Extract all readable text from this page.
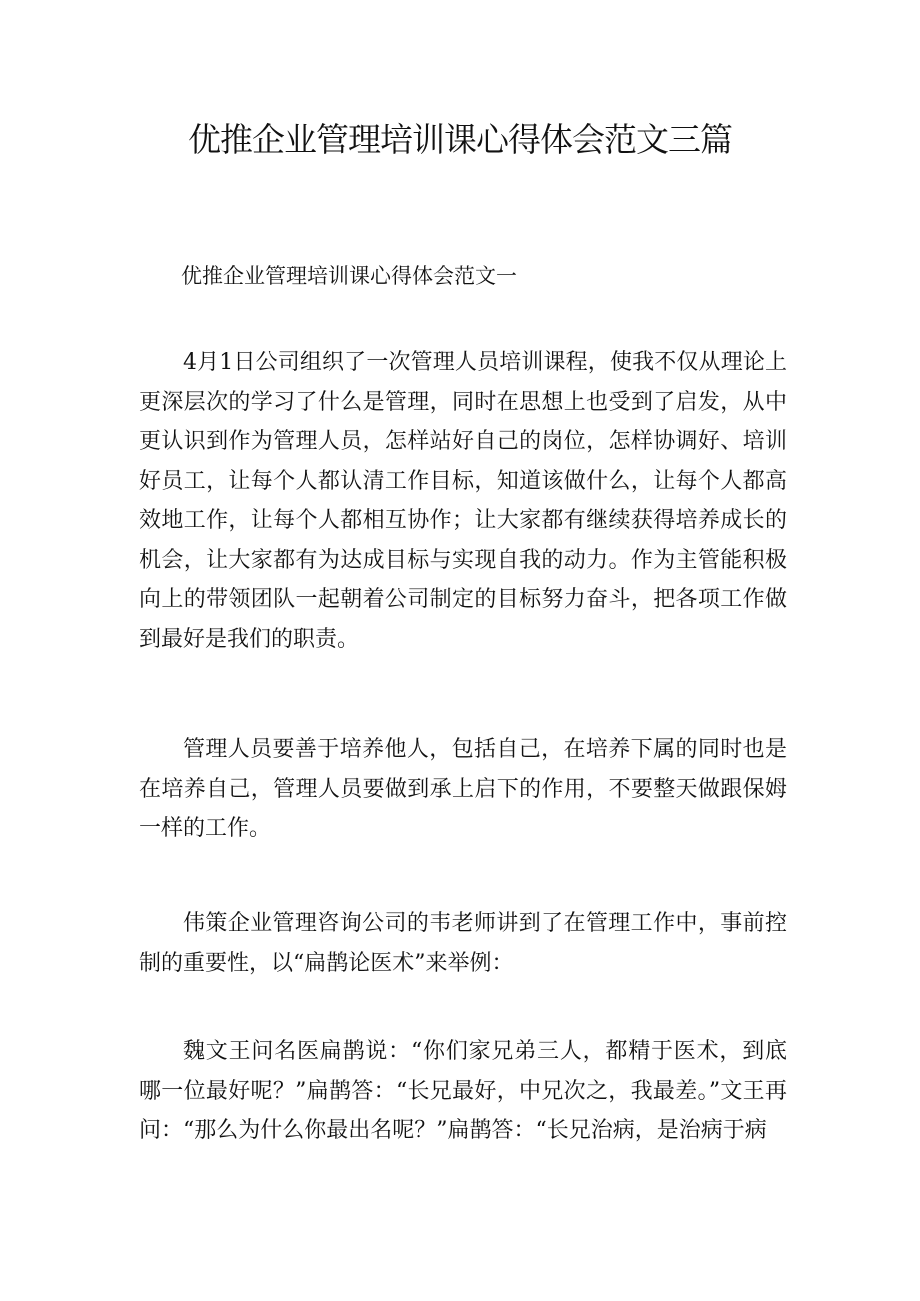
优推企业管理培训课心得体会范文三篇
优推企业管理培训课心得体会范文一

4月1日公司组织了一次管理人员培训课程，使我不仅从理论上更深层次的学习了什么是管理，同时在思想上也受到了启发，从中更认识到作为管理人员，怎样站好自己的岗位，怎样协调好、培训好员工，让每个人都认清工作目标，知道该做什么，让每个人都高效地工作，让每个人都相互协作；让大家都有继续获得培养成长的机会，让大家都有为达成目标与实现自我的动力。作为主管能积极向上的带领团队一起朝着公司制定的目标努力奋斗，把各项工作做到最好是我们的职责。

管理人员要善于培养他人，包括自己，在培养下属的同时也是在培养自己，管理人员要做到承上启下的作用，不要整天做跟保姆一样的工作。

伟策企业管理咨询公司的韦老师讲到了在管理工作中，事前控制的重要性，以“扁鹊论医术”来举例：

魏文王问名医扁鹊说：“你们家兄弟三人，都精于医术，到底哪一位最好呢？”扁鹊答：“长兄最好，中兄次之，我最差。”文王再问：“那么为什么你最出名呢？”扁鹊答：“长兄治病，是治病于病
